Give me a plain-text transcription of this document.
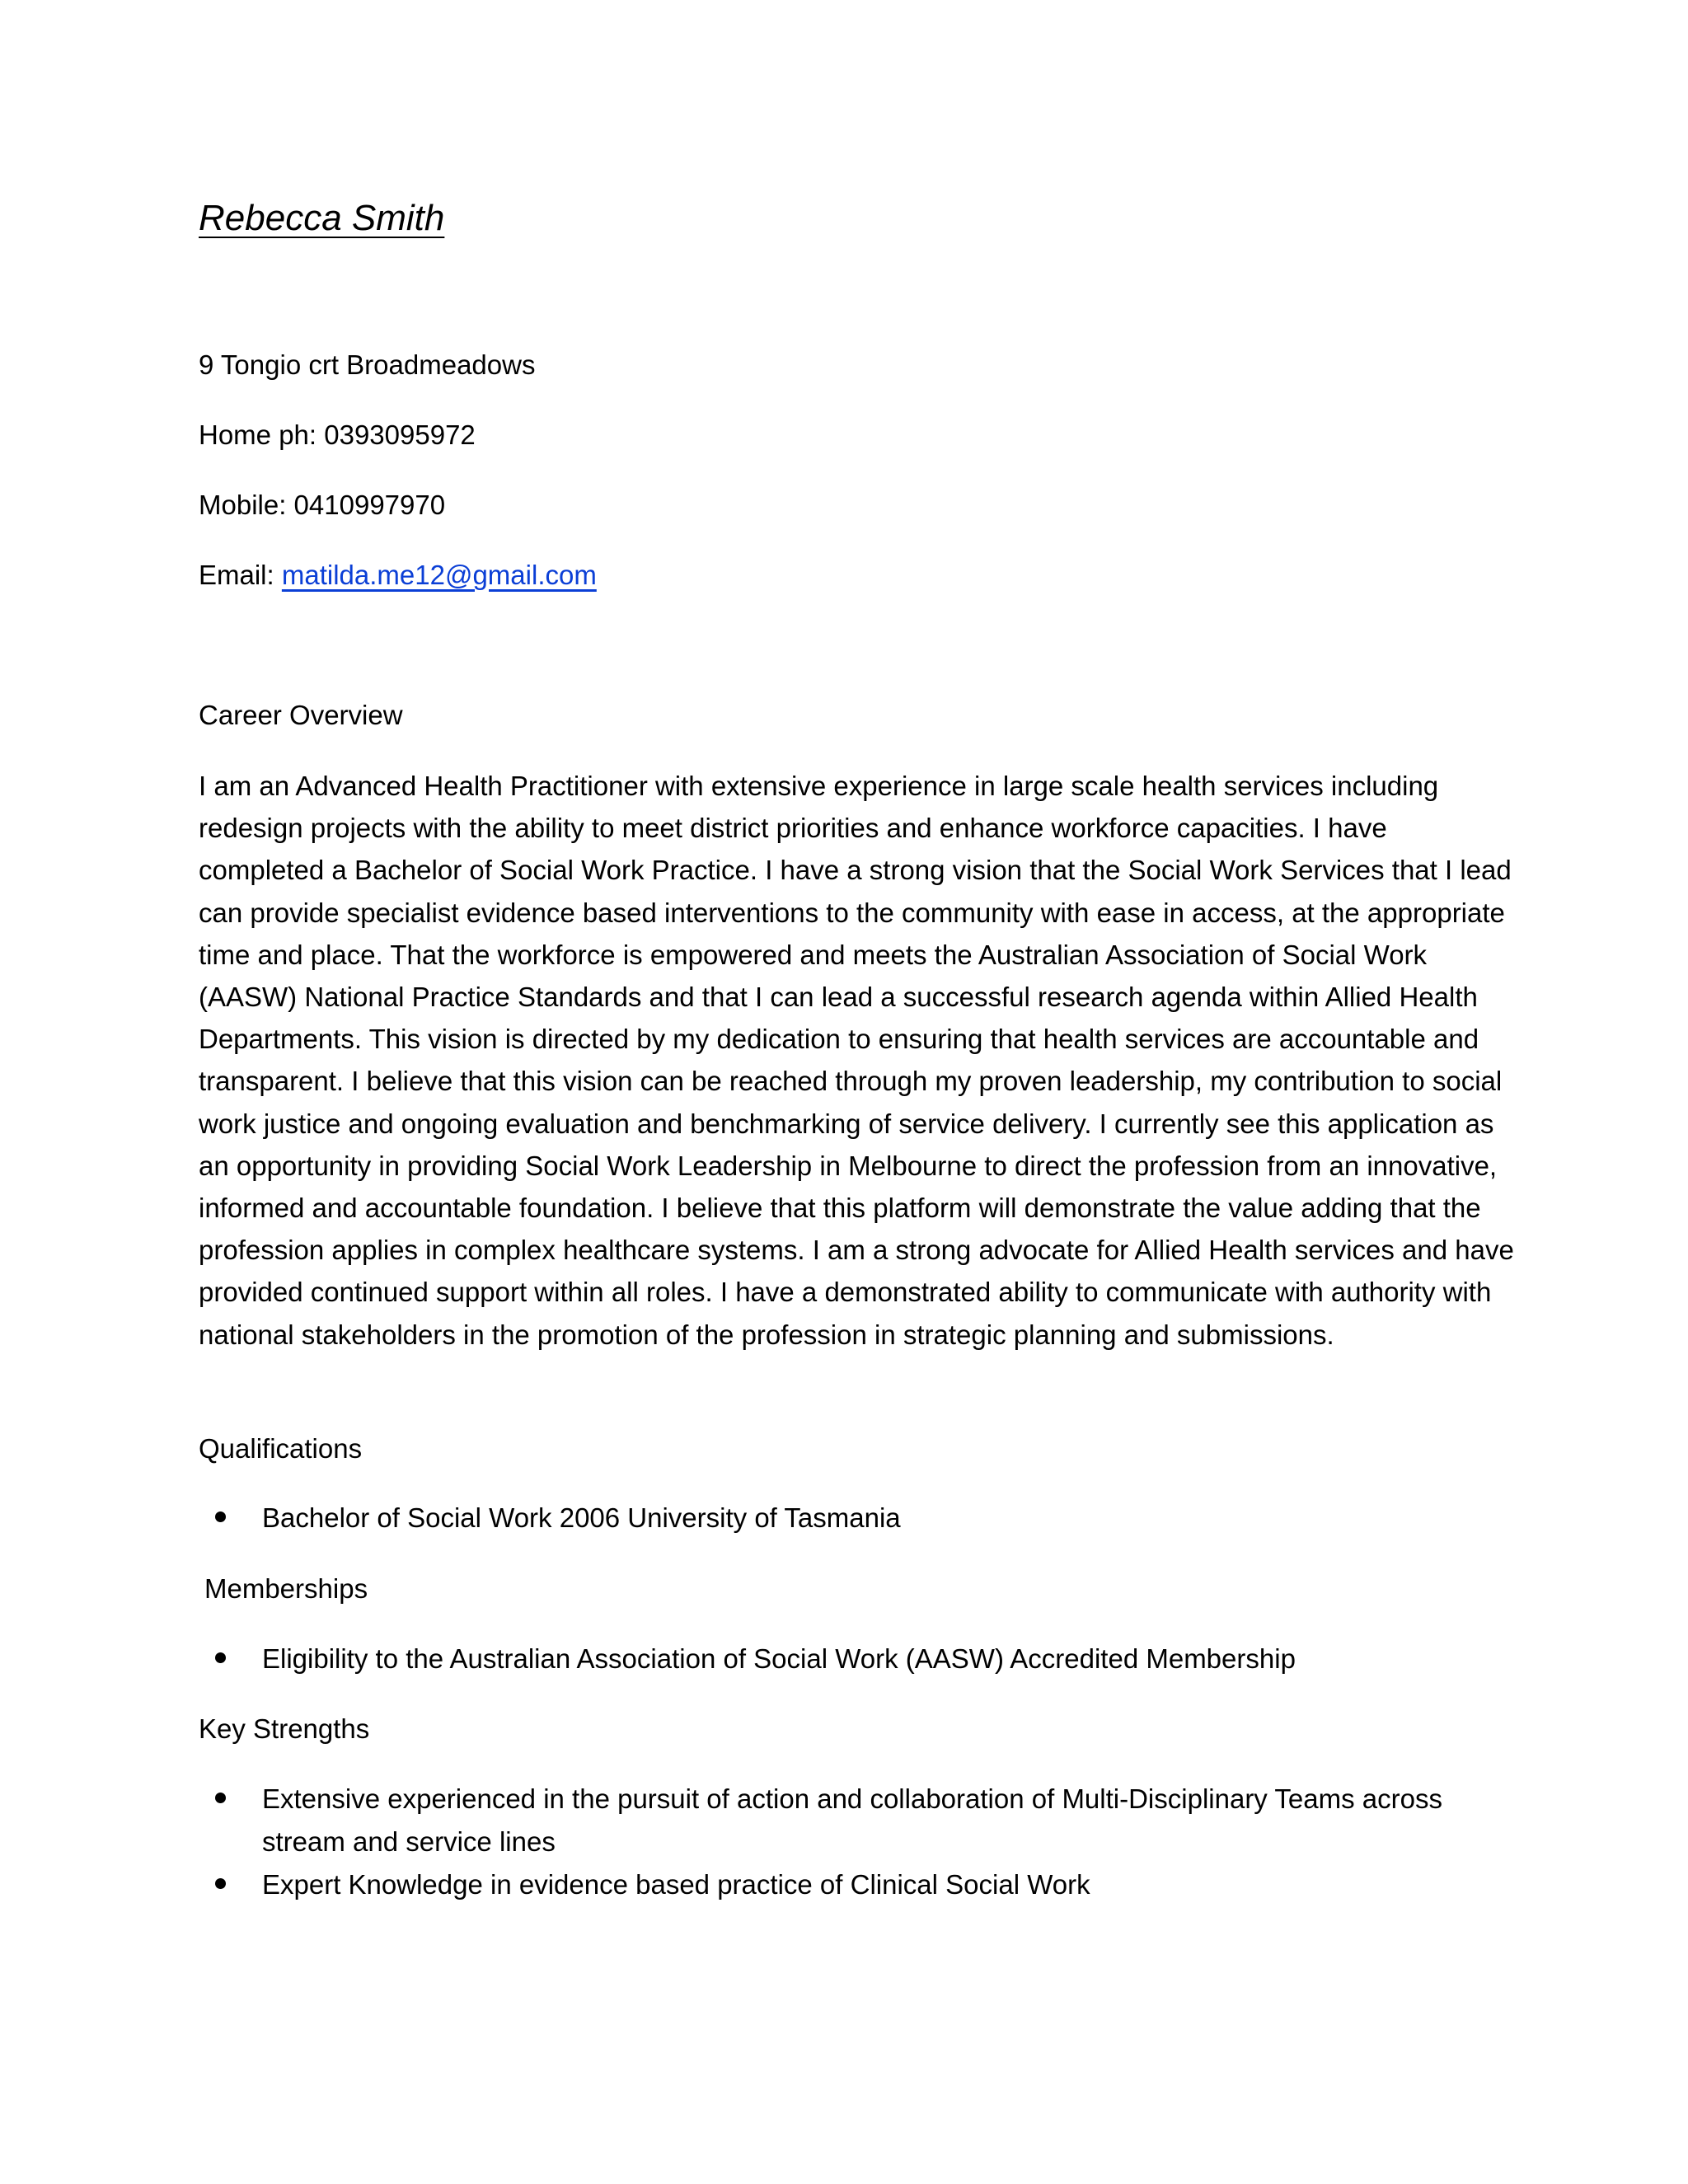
Rebecca Smith
9 Tongio crt Broadmeadows
Home ph: 0393095972
Mobile: 0410997970
Email: matilda.me12@gmail.com
Career Overview
I am an Advanced Health Practitioner with extensive experience in large scale health services including redesign projects with the ability to meet district priorities and enhance workforce capacities. I have completed a Bachelor of Social Work Practice. I have a strong vision that the Social Work Services that I lead can provide specialist evidence based interventions to the community with ease in access, at the appropriate time and place. That the workforce is empowered and meets the Australian Association of Social Work (AASW) National Practice Standards and that I can lead a successful research agenda within Allied Health Departments. This vision is directed by my dedication to ensuring that health services are accountable and transparent. I believe that this vision can be reached through my proven leadership, my contribution to social work justice and ongoing evaluation and benchmarking of service delivery. I currently see this application as an opportunity in providing Social Work Leadership in Melbourne to direct the profession from an innovative, informed and accountable foundation. I believe that this platform will demonstrate the value adding that the profession applies in complex healthcare systems. I am a strong advocate for Allied Health services and have provided continued support within all roles. I have a demonstrated ability to communicate with authority with national stakeholders in the promotion of the profession in strategic planning and submissions.
Qualifications
Bachelor of Social Work 2006 University of Tasmania
Memberships
Eligibility to the Australian Association of Social Work (AASW) Accredited Membership
Key Strengths
Extensive experienced in the pursuit of action and collaboration of Multi-Disciplinary Teams across stream and service lines
Expert Knowledge in evidence based practice of Clinical Social Work
